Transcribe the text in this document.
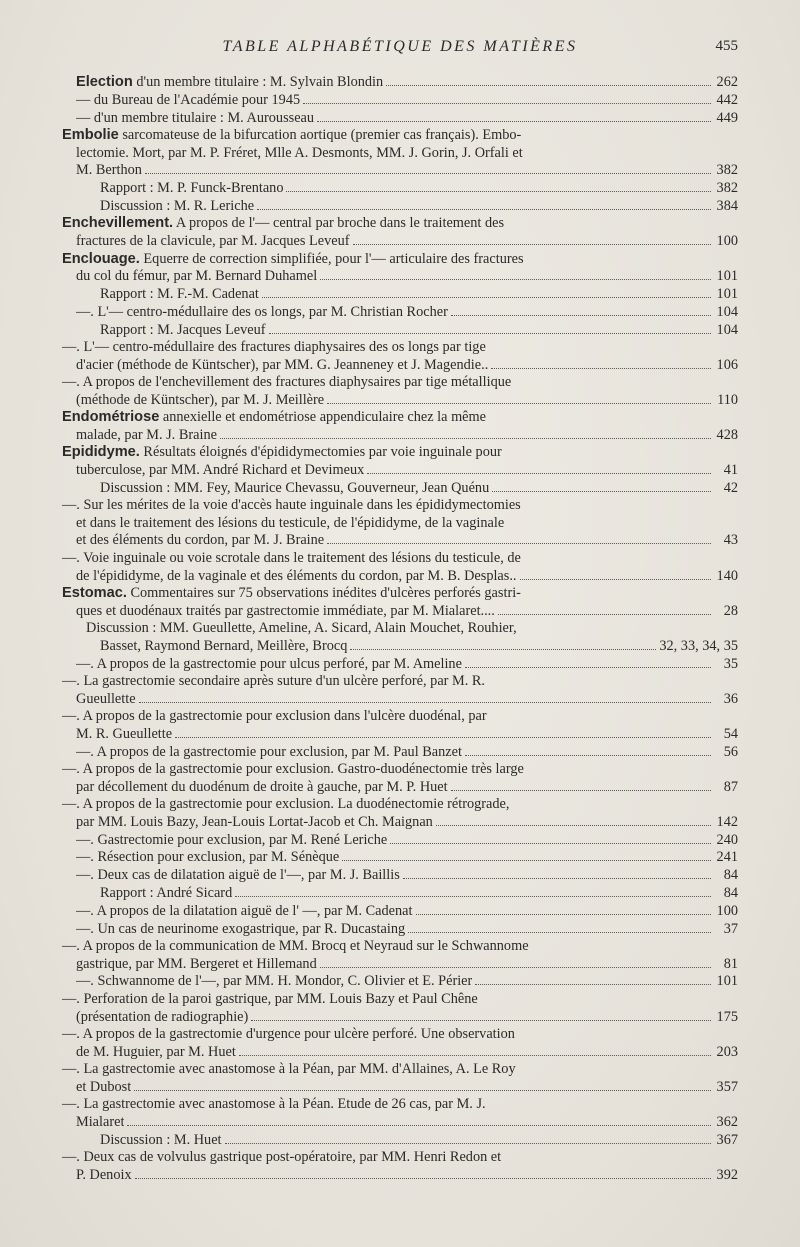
TABLE ALPHABÉTIQUE DES MATIÈRES	455
Election d'un membre titulaire : M. Sylvain Blondin	262
— du Bureau de l'Académie pour 1945	442
— d'un membre titulaire : M. Aurousseau	449
Embolie sarcomateuse de la bifurcation aortique (premier cas français). Embo-
lectomie. Mort, par M. P. Fréret, Mlle A. Desmonts, MM. J. Gorin, J. Orfali et
M. Berthon	382
Rapport : M. P. Funck-Brentano	382
Discussion : M. R. Leriche	384
Enchevillement. A propos de l'— central par broche dans le traitement des
fractures de la clavicule, par M. Jacques Leveuf	100
Enclouage. Equerre de correction simplifiée, pour l'— articulaire des fractures
du col du fémur, par M. Bernard Duhamel	101
Rapport : M. F.-M. Cadenat	101
—. L'— centro-médullaire des os longs, par M. Christian Rocher	104
Rapport : M. Jacques Leveuf	104
—. L'— centro-médullaire des fractures diaphysaires des os longs par tige
d'acier (méthode de Küntscher), par MM. G. Jeanneney et J. Magendie..	106
—. A propos de l'enchevillement des fractures diaphysaires par tige métallique
(méthode de Küntscher), par M. J. Meillère	110
Endométriose annexielle et endométriose appendiculaire chez la même
malade, par M. J. Braine	428
Epididyme. Résultats éloignés d'épididymectomies par voie inguinale pour
tuberculose, par MM. André Richard et Devimeux	41
Discussion : MM. Fey, Maurice Chevassu, Gouverneur, Jean Quénu	42
—. Sur les mérites de la voie d'accès haute inguinale dans les épididymectomies
et dans le traitement des lésions du testicule, de l'épididyme, de la vaginale
et des éléments du cordon, par M. J. Braine	43
—. Voie inguinale ou voie scrotale dans le traitement des lésions du testicule, de
de l'épididyme, de la vaginale et des éléments du cordon, par M. B. Desplas..	140
Estomac. Commentaires sur 75 observations inédites d'ulcères perforés gastri-
ques et duodénaux traités par gastrectomie immédiate, par M. Mialaret....	28
Discussion : MM. Gueullette, Ameline, A. Sicard, Alain Mouchet, Rouhier,
Basset, Raymond Bernard, Meillère, Brocq	32, 33, 34, 35
—. A propos de la gastrectomie pour ulcus perforé, par M. Ameline	35
—. La gastrectomie secondaire après suture d'un ulcère perforé, par M. R.
Gueullette	36
—. A propos de la gastrectomie pour exclusion dans l'ulcère duodénal, par
M. R. Gueullette	54
—. A propos de la gastrectomie pour exclusion, par M. Paul Banzet	56
—. A propos de la gastrectomie pour exclusion. Gastro-duodénectomie très large
par décollement du duodénum de droite à gauche, par M. P. Huet	87
—. A propos de la gastrectomie pour exclusion. La duodénectomie rétrograde,
par MM. Louis Bazy, Jean-Louis Lortat-Jacob et Ch. Maignan	142
—. Gastrectomie pour exclusion, par M. René Leriche	240
—. Résection pour exclusion, par M. Sénèque	241
—. Deux cas de dilatation aiguë de l'—, par M. J. Baillis	84
Rapport : André Sicard	84
—. A propos de la dilatation aiguë de l' —, par M. Cadenat	100
—. Un cas de neurinome exogastrique, par R. Ducastaing	37
—. A propos de la communication de MM. Brocq et Neyraud sur le Schwannome
gastrique, par MM. Bergeret et Hillemand	81
—. Schwannome de l'—, par MM. H. Mondor, C. Olivier et E. Périer	101
—. Perforation de la paroi gastrique, par MM. Louis Bazy et Paul Chêne
(présentation de radiographie)	175
—. A propos de la gastrectomie d'urgence pour ulcère perforé. Une observation
de M. Huguier, par M. Huet	203
—. La gastrectomie avec anastomose à la Péan, par MM. d'Allaines, A. Le Roy
et Dubost	357
—. La gastrectomie avec anastomose à la Péan. Etude de 26 cas, par M. J.
Mialaret	362
Discussion : M. Huet	367
—. Deux cas de volvulus gastrique post-opératoire, par MM. Henri Redon et
P. Denoix	392
